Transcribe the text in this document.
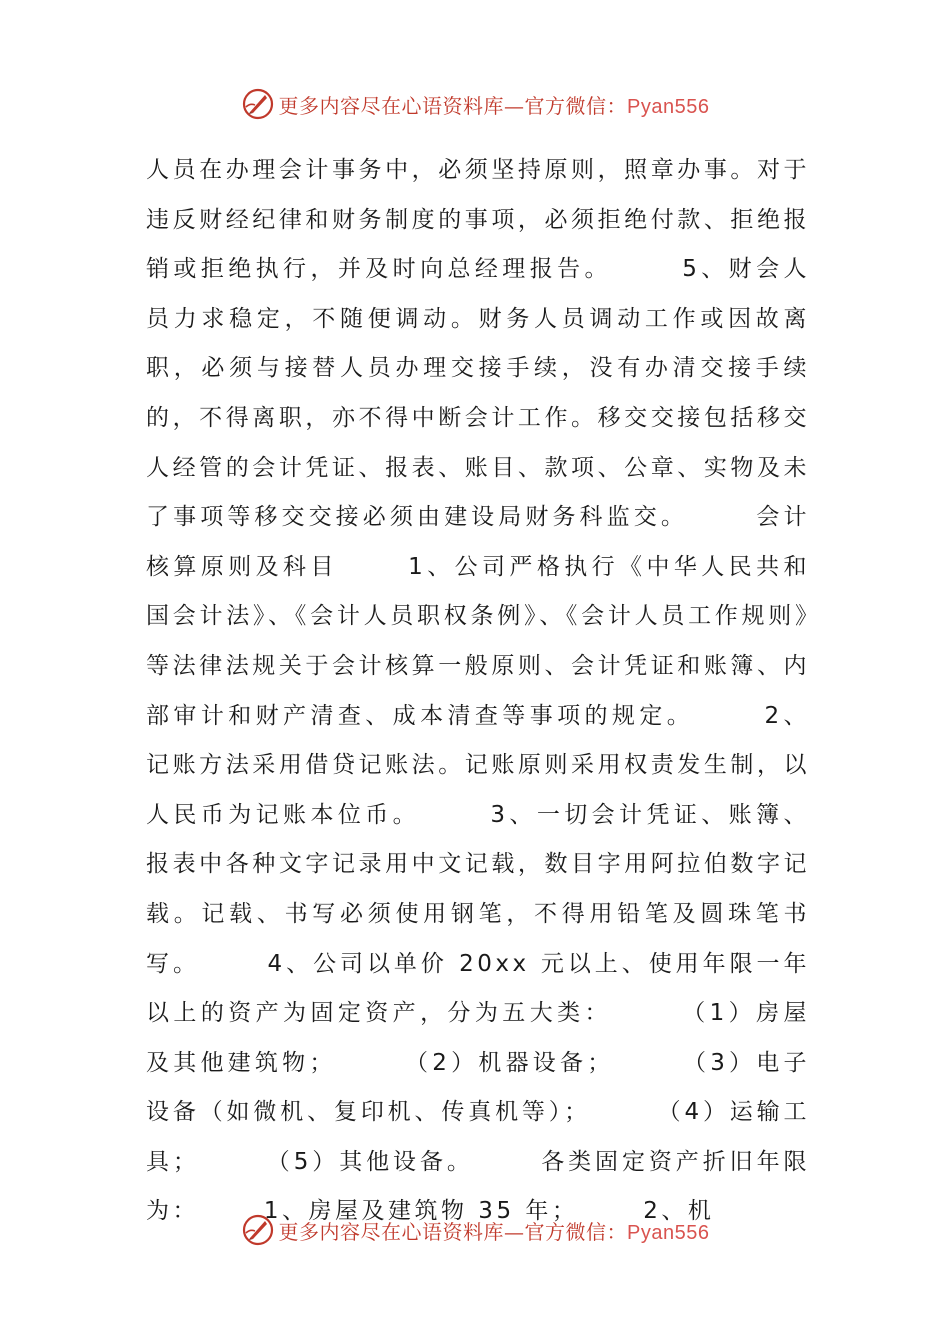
更多内容尽在心语资料库—官方微信：Pyan556

人员在办理会计事务中，必须坚持原则，照章办事。对于违反财经纪律和财务制度的事项，必须拒绝付款、拒绝报销或拒绝执行，并及时向总经理报告。      5、财会人员力求稳定，不随便调动。财务人员调动工作或因故离职，必须与接替人员办理交接手续，没有办清交接手续的，不得离职，亦不得中断会计工作。移交交接包括移交人经管的会计凭证、报表、账目、款项、公章、实物及未了事项等移交交接必须由建设局财务科监交。      会计核算原则及科目      1、公司严格执行《中华人民共和国会计法》、《会计人员职权条例》、《会计人员工作规则》等法律法规关于会计核算一般原则、会计凭证和账簿、内部审计和财产清查、成本清查等事项的规定。      2、记账方法采用借贷记账法。记账原则采用权责发生制，以人民币为记账本位币。      3、一切会计凭证、账簿、报表中各种文字记录用中文记载，数目字用阿拉伯数字记载。记载、书写必须使用钢笔，不得用铅笔及圆珠笔书写。      4、公司以单价 20xx 元以上、使用年限一年以上的资产为固定资产，分为五大类：      （1）房屋及其他建筑物；      （2）机器设备；      （3）电子设备（如微机、复印机、传真机等）；      （4）运输工具；      （5）其他设备。      各类固定资产折旧年限为：      1、房屋及建筑物 35 年；      2、机

更多内容尽在心语资料库—官方微信：Pyan556
